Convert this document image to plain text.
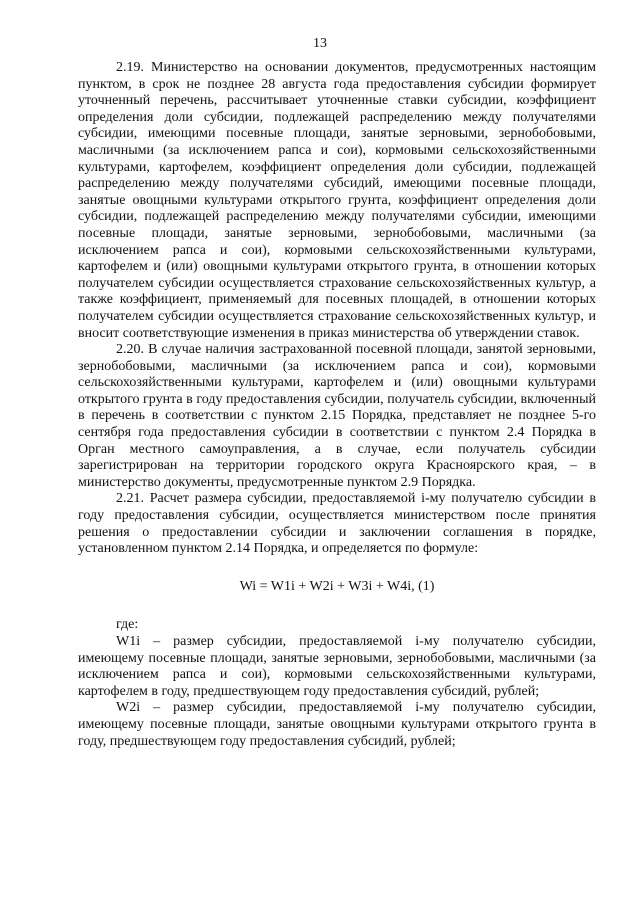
13

2.19. Министерство на основании документов, предусмотренных настоящим пунктом, в срок не позднее 28 августа года предоставления субсидии формирует уточненный перечень, рассчитывает уточненные ставки субсидии, коэффициент определения доли субсидии, подлежащей распределению между получателями субсидии, имеющими посевные площади, занятые зерновыми, зернобобовыми, масличными (за исключением рапса и сои), кормовыми сельскохозяйственными культурами, картофелем, коэффициент определения доли субсидии, подлежащей распределению между получателями субсидий, имеющими посевные площади, занятые овощными культурами открытого грунта, коэффициент определения доли субсидии, подлежащей распределению между получателями субсидии, имеющими посевные площади, занятые зерновыми, зернобобовыми, масличными (за исключением рапса и сои), кормовыми сельскохозяйственными культурами, картофелем и (или) овощными культурами открытого грунта, в отношении которых получателем субсидии осуществляется страхование сельскохозяйственных культур, а также коэффициент, применяемый для посевных площадей, в отношении которых получателем субсидии осуществляется страхование сельскохозяйственных культур, и вносит соответствующие изменения в приказ министерства об утверждении ставок.

2.20. В случае наличия застрахованной посевной площади, занятой зерновыми, зернобобовыми, масличными (за исключением рапса и сои), кормовыми сельскохозяйственными культурами, картофелем и (или) овощными культурами открытого грунта в году предоставления субсидии, получатель субсидии, включенный в перечень в соответствии с пунктом 2.15 Порядка, представляет не позднее 5-го сентября года предоставления субсидии в соответствии с пунктом 2.4 Порядка в Орган местного самоуправления, а в случае, если получатель субсидии зарегистрирован на территории городского округа Красноярского края, – в министерство документы, предусмотренные пунктом 2.9 Порядка.

2.21. Расчет размера субсидии, предоставляемой i-му получателю субсидии в году предоставления субсидии, осуществляется министерством после принятия решения о предоставлении субсидии и заключении соглашения в порядке, установленном пунктом 2.14 Порядка, и определяется по формуле:

Wi = W1i + W2i + W3i + W4i, (1)

где:

W1i – размер субсидии, предоставляемой i-му получателю субсидии, имеющему посевные площади, занятые зерновыми, зернобобовыми, масличными (за исключением рапса и сои), кормовыми сельскохозяйственными культурами, картофелем в году, предшествующем году предоставления субсидий, рублей;

W2i – размер субсидии, предоставляемой i-му получателю субсидии, имеющему посевные площади, занятые овощными культурами открытого грунта в году, предшествующем году предоставления субсидий, рублей;
